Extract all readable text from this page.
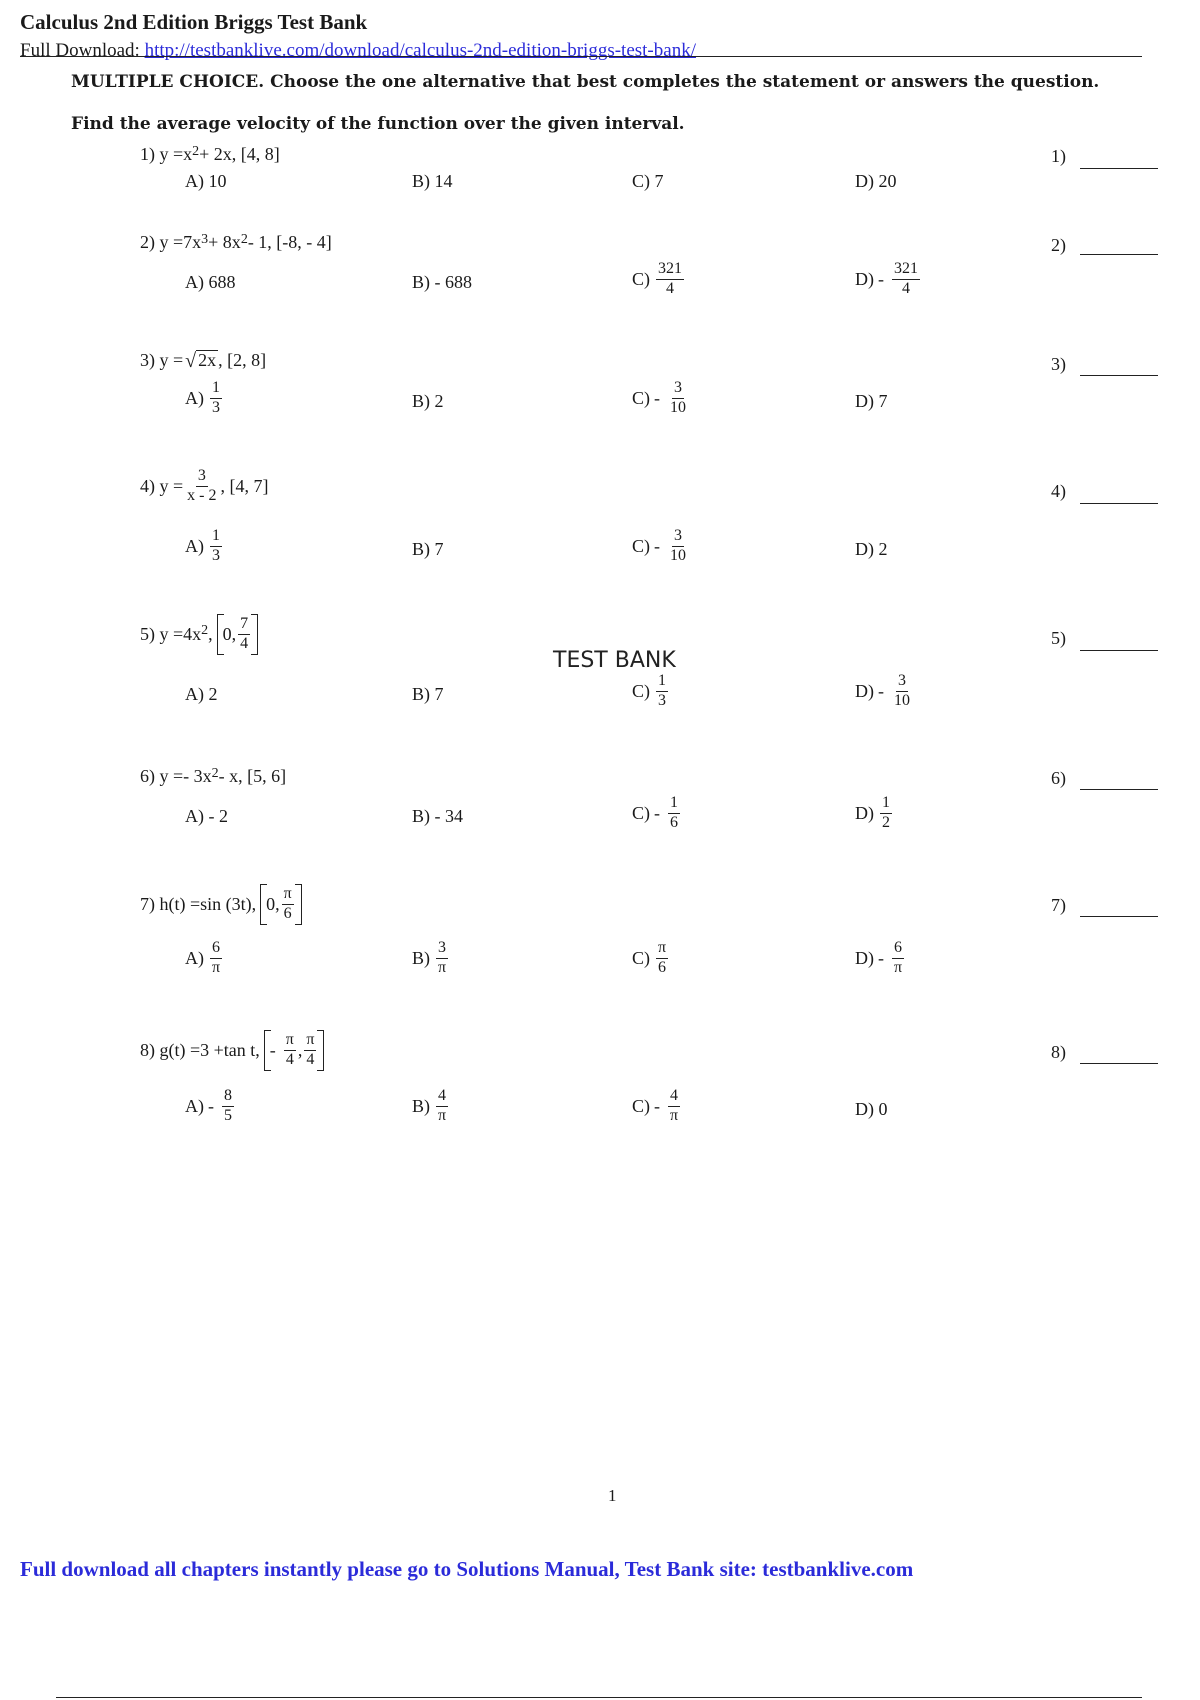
Calculus 2nd Edition Briggs Test Bank
Full Download: http://testbanklive.com/download/calculus-2nd-edition-briggs-test-bank/
MULTIPLE CHOICE. Choose the one alternative that best completes the statement or answers the question.
Find the average velocity of the function over the given interval.
1) $y =x^2 + 2x$, [4, 8]	1)
A) 10	B) 14	C) 7	D) 20
2) $y =7x^3 + 8x^2 - 1$, [-8, - 4]	2)
A) 688	B) - 688	$C) \frac{321}{4}$	$D) - \frac{321}{4}$
3) y = √ 2x , [2, 8]	3)
$A) \frac{1}{3}$	B) 2	$C) - \frac{3}{10}$	D) 7
4) $y = \frac{3}{x - 2}$ , [4, 7]	4)
$A) \frac{1}{3}$	B) 7	$C) - \frac{3}{10}$	D) 2
5) $y =4x^2$ , 0, $\frac{7}{4}$	5)
TEST BANK
A) 2	B) 7	$C) \frac{1}{3}$	$D) - \frac{3}{10}$
6) $y =- 3x^2 - x$, [5, 6]	6)
A) - 2	B) - 34	$C) - \frac{1}{6}$	$D) \frac{1}{2}$
7) h(t) =sin (3t), 0, $\frac{\pi}{6}$	7)
$A) \frac{6}{\pi}$	$B) \frac{3}{\pi}$	$C) \frac{\pi}{6}$	$D) - \frac{6}{\pi}$
8) g(t) =3 +tan t, - $\frac{\pi}{4}$ , $\frac{\pi}{4}$	8)
$A) - \frac{8}{5}$	$B) \frac{4}{\pi}$	$C) - \frac{4}{\pi}$	D) 0
1
Full download all chapters instantly please go to Solutions Manual, Test Bank site: testbanklive.com
